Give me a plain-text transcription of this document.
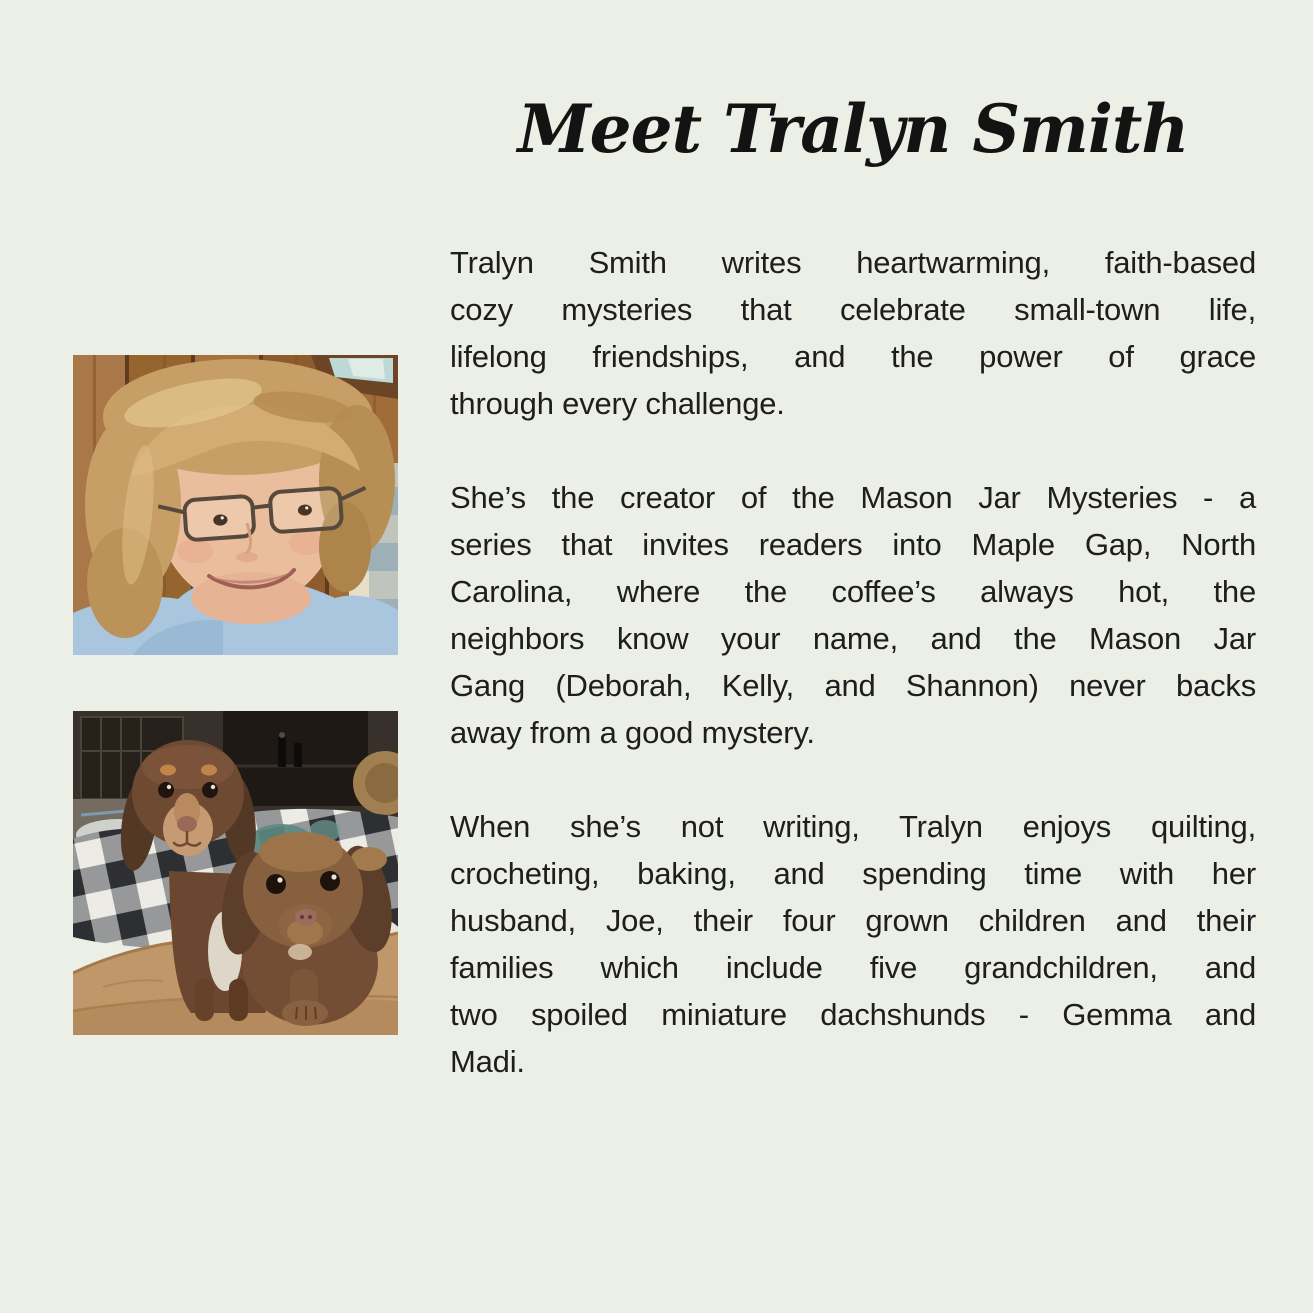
Meet Tralyn Smith

Tralyn Smith writes heartwarming, faith-based
cozy mysteries that celebrate small-town life,
lifelong friendships, and the power of grace
through every challenge.

She’s the creator of the Mason Jar Mysteries - a
series that invites readers into Maple Gap, North
Carolina, where the coffee’s always hot, the
neighbors know your name, and the Mason Jar
Gang (Deborah, Kelly, and Shannon) never backs
away from a good mystery.

When she’s not writing, Tralyn enjoys quilting,
crocheting, baking, and spending time with her
husband, Joe, their four grown children and their
families which include five grandchildren, and
two spoiled miniature dachshunds - Gemma and
Madi.
